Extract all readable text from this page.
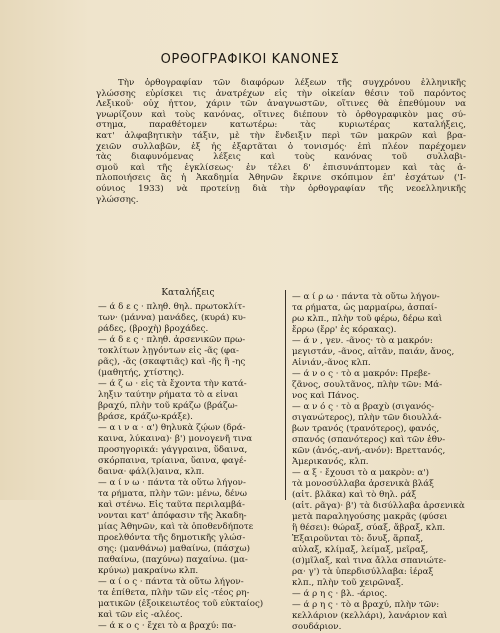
ΟΡΘΟΓΡΑΦΙΚΟΙ ΚΑΝΟΝΕΣ
Τὴν ὀρθογραφίαν τῶν διαφόρων λέξεων τῆς συγχρόνου ἑλληνικῆς
γλώσσης εὑρίσκει τις ἀνατρέχων εἰς τὴν οἰκείαν θέσιν τοῦ παρόντος
Λεξικοῦ· οὐχ ἧττον, χάριν τῶν ἀναγνωστῶν, οἵτινες θὰ ἐπεθύμουν να
γνωρίζουν καὶ τοὺς κανόνας, οἵτινες διέπουν τὸ ὀρθογραφικὸν μας σύ-
στημα, παραθέτομεν κατωτέρω: τὰς κυριωτέρας καταλήξεις,
κατ' ἀλφαβητικὴν τάξιν, μὲ τὴν ἔνδειξιν περὶ τῶν μακρῶν καὶ βρα-
χειῶν συλλαβῶν, ἐξ ἧς ἐξαρτᾶται ὁ τονισμός· ἐπὶ πλέον παρέχομεν
τὰς διαφυνόμενας λέξεις καὶ τοὺς κανόνας τοῦ συλλαβι-
σμοῦ καὶ τῆς ἐγκλίσεως· ἐν τέλει δ' ἐπισυνάπτομεν καὶ τὰς ἀ-
πλοποιήσεις ἃς ἡ Ἀκαδημία Ἀθηνῶν ἔκρινε σκόπιμον ἐπ' ἐσχάτων ('Ι-
ούνιος 1933) νὰ προτείνῃ διὰ τὴν ὀρθογραφίαν τῆς νεοελληνικῆς
γλώσσης.
Καταλήξεις
— ά δ ε ς · πληθ. θηλ. πρωτοκλίτ-
των· (μάννα) μανάδες, (κυρά) κυ-
ράδες, (βροχὴ) βροχάδες.
— ά δ ε ς · πληθ. ἀρσενικῶν πρω-
τοκλίτων λῃγόντων εἰς -ᾶς (φα-
ρᾶς), -ᾶς (σκαφτιᾶς) καὶ -ῆς ἢ -ης
(μαθητής, χτίστης).
— ά ζ ω · εἰς τὰ ἔχοντα τὴν κατά-
ληξιν ταύτην ρήματα τὸ α εἶναι
βραχύ, πλὴν τοῦ κράζω (βράζω-
βράσε, κράζω-κράξε).
— α ι ν α · α') θηλυκὰ ζῴων (δρά-
καινα, λύκαινα)· β') μονογενῆ τινα
προσηγορικά: γάγγραινα, ὕδαινα,
σκόρπαινα, τρίαινα, ὕαινα, φαγέ-
δαινα· φάλ(λ)αινα, κλπ.
— α ί ν ω · πάντα τὰ οὕτω λήγον-
τα ρήματα, πλὴν τῶν: μένω, δένω
καὶ στένω. Εἰς ταῦτα περιλαμβά-
νονται κατ' ἀπόφασιν τῆς Ἀκαδη-
μίας Ἀθηνῶν, καὶ τὰ ὁποθενδήποτε
προελθόντα τῆς δημοτικῆς γλώσ-
σης: (μανθάνω) μαθαίνω, (πάσχω)
παθαίνω, (παχύνω) παχαίνω. (μα-
κρύνω) μακραίνω κλπ.
— α ί ο ς · πάντα τὰ οὕτω λήγον-
τα ἐπίθετα, πλὴν τῶν εἰς -τέος ρη-
ματικῶν (ἐξοικειωτέος τοῦ εὐκταίος)
καὶ τῶν εἰς -αλέος.
— ά κ ο ς · ἔχει τὸ α βραχύ: πα-
— α ί ρ ω · πάντα τὰ οὕτω λήγον-
τα ρήματα, ὡς μαρμαίρω, ἀσπαί-
ρω κλπ., πλὴν τοῦ φέρω, δέρω καὶ
ἔρρω (ἔρρ' ἐς κόρακας).
— ά ν , γεν. -ᾶνος· τὸ α μακρόν:
μεγιστάν, -ᾶνος, αἰτᾶν, παιάν, ἄνος,
Αἰνιάν,-ᾶνος κλπ.
— ά ν ο ς · τὸ α μακρόν: Πρεβε-
ζᾶνος, σουλτᾶνος, πλὴν τῶν: Μά-
νος καὶ Πάνος.
— α ν ό ς · τὸ α βραχὺ (σιγανός-
σιγανώτερος), πλὴν τῶν διουλλά-
βων τρανός (τρανότερος), φανός,
σπανός (σπανότερος) καὶ τῶν ἐθν-
κῶν (ἀνός,-ανή,-ανόν): Βρεττανός,
Ἀμερικανός, κλπ.
— α ξ · ἔχουσι τὸ α μακρὸν: α')
τὰ μονοσύλλαβα ἀρσενικὰ βλάξ
(αἰτ. βλᾶκα) καὶ τὸ θηλ. ράξ
(αἰτ. ρᾶγα)· β') τὰ δισύλλαβα ἀρσενικὰ
μετὰ παραληγούσης μακρᾶς (φύσει
ἢ θέσει): θώραξ, σύαξ, ἄβραξ, κλπ.
Ἐξαιροῦνται τὸ: ὄνυξ, ἅρπαξ,
αὖλαξ, κλίμαξ, λείμαξ, μεῖραξ,
(σ)μῖλαξ, καὶ τινα ἄλλα σπανιώτε-
ρα· γ') τὰ ὑπερδισύλλαβα: ἱέραξ
κλπ., πλὴν τοῦ χειρῶναξ.
— ά ρ η ς · βλ. -άριος.
— ά ρ η ς · τὸ α βραχύ, πλὴν τῶν:
κελλάριον (κελλάρι), λανάριον καὶ
σουδάριον.
